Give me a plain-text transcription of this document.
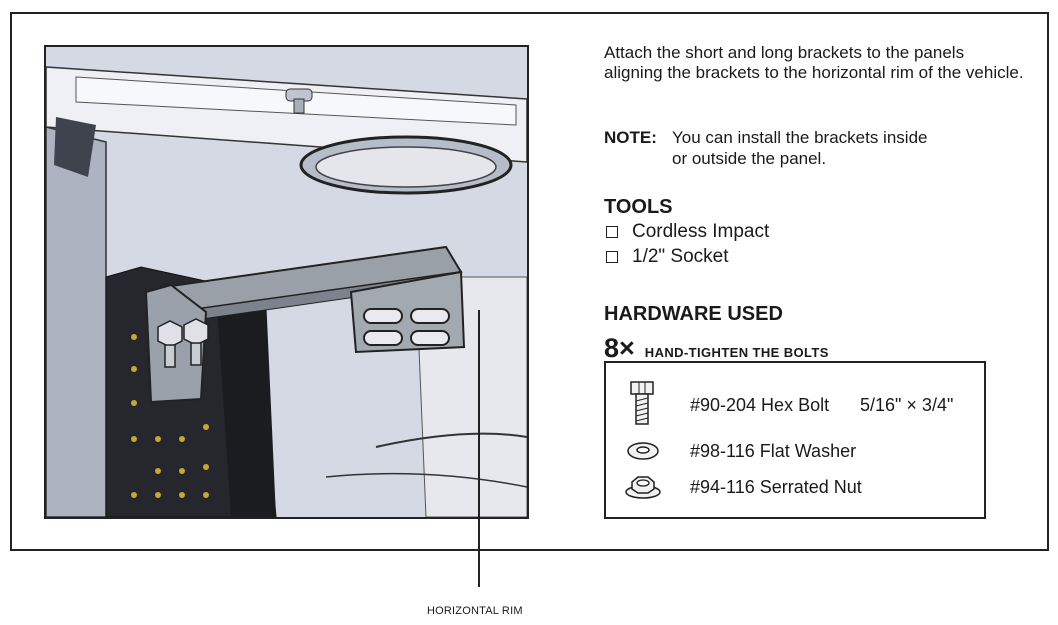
HORIZONTAL RIM

Attach the short and long brackets to the panels aligning the brackets to the horizontal rim of the vehicle.

NOTE: You can install the brackets inside or outside the panel.
TOOLS
Cordless Impact
1/2" Socket
HARDWARE USED
8× HAND-TIGHTEN THE BOLTS
#90-204 Hex Bolt 5/16" × 3/4"
#98-116 Flat Washer
#94-116 Serrated Nut
